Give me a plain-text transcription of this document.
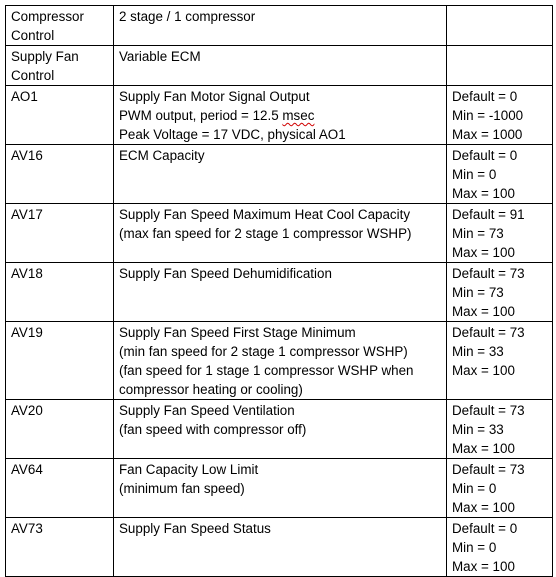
Compressor Control	2 stage / 1 compressor	

Supply Fan Control	Variable ECM	

AO1	Supply Fan Motor Signal Output
PWM output, period = 12.5 msec
Peak Voltage = 17 VDC, physical AO1	Default = 0
Min = -1000
Max = 1000

AV16	ECM Capacity	Default = 0
Min = 0
Max = 100

AV17	Supply Fan Speed Maximum Heat Cool Capacity
(max fan speed for 2 stage 1 compressor WSHP)	Default = 91
Min = 73
Max = 100

AV18	Supply Fan Speed Dehumidification	Default = 73
Min = 73
Max = 100

AV19	Supply Fan Speed First Stage Minimum
(min fan speed for 2 stage 1 compressor WSHP)
(fan speed for 1 stage 1 compressor WSHP when
compressor heating or cooling)	Default = 73
Min = 33
Max = 100

AV20	Supply Fan Speed Ventilation
(fan speed with compressor off)	Default = 73
Min = 33
Max = 100

AV64	Fan Capacity Low Limit
(minimum fan speed)	Default = 73
Min = 0
Max = 100

AV73	Supply Fan Speed Status	Default = 0
Min = 0
Max = 100
